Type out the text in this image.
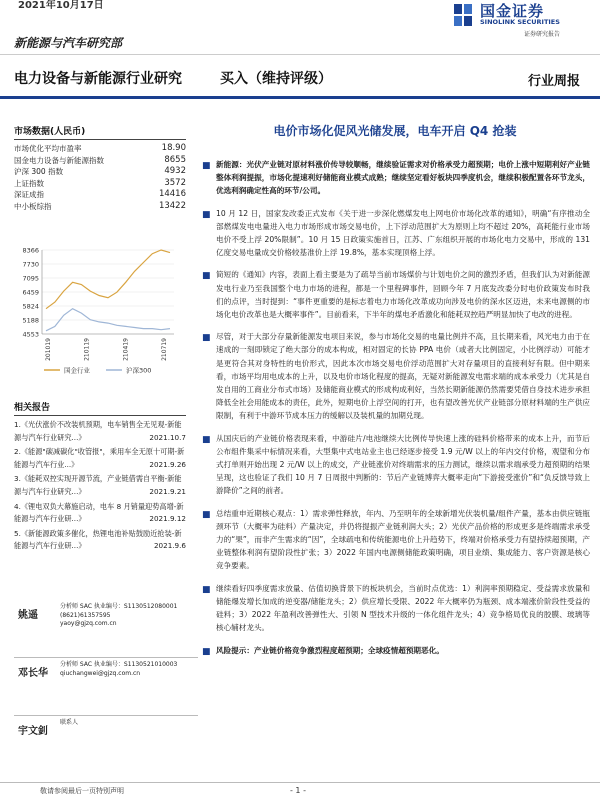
2021年10月17日
新能源与汽车研究部
国金证券
SINOLINK SECURITIES
证券研究报告
电力设备与新能源行业研究	买入（维持评级）	行业周报
市场数据(人民币)
市场优化平均市盈率	18.90
国金电力设备与新能源指数	8655
沪深 300 指数	4932
上证指数	3572
深证成指	14416
中小板综指	13422
8366
7730
7095
6459
5824
5188
4553
201019	210119	210419	210719
国金行业	沪深300
相关报告
1.《光伏涨价不改装机预期，电车销售全无见观-新能源与汽车行业研究...》	2021.10.7
2.《能源"碳减碳化"收管报"，乘用车全无原十可期-新能源与汽车行业...》	2021.9.26
3.《能耗双控实现开源节流，产业链借需自平衡-新能源与汽车行业研究...》	2021.9.21
4.《锂电双负大幕施启动，电车 8 月销量迎势高增-新能源与汽车行业研...》	2021.9.12
5.《新能源政策多催化，热锂电池补贴鼓励近抢装-新能源与汽车行业研...》	2021.9.6
姚遥
分析师 SAC 执业编号：S1130512080001
(8621)61357595
yaoy@gjzq.com.cn
邓长华
分析师 SAC 执业编号：S1130521010003
qiuchangwei@gjzq.com.cn
宇文釗
联系人
电价市场化促风光储发展，电车开启 Q4 抢装
■ 新能源：光伏产业链对原材料涨价传导较顺畅，继续验证需求对价格承受力超预期；电价上涨中短期利好产业链整体利润提振，市场化提速利好储能商业模式成熟；继续坚定看好板块四季度机会，继续积极配置各环节龙头，优选利润确定性高的环节/公司。
■ 10 月 12 日，国家发改委正式发布《关于进一步深化燃煤发电上网电价市场化改革的通知》，明确“有序推动全部燃煤发电电量进入电力市场形成市场交易电价，上下浮动范围扩大为原则上均不超过 20%，高耗能行业市场电价不受上浮 20%限制”。10 月 15 日政策实施首日，江苏、广东组织开展的市场化电力交易中，形成的 131 亿度交易电量成交价格较基准价上浮 19.8%，基本实现顶格上浮。
■ 简短的《通知》内容，表面上看主要是为了疏导当前市场煤价与计划电价之间的激烈矛盾，但我们认为对新能源发电行业乃至我国整个电力市场的进程，都是一个里程碑事件，回顾今年 7 月底发改委分时电价政策发布时我们的点评，当时提到：“事件更重要的是标志着电力市场化改革成功向涉及电价的深水区迈进，未来电源侧的市场化电价改革也是大概率事件”。目前看来，下半年的煤电矛盾激化和能耗双控趋严明显加快了电改的进程。
■ 尽管，对于大部分存量新能源发电项目来说，参与市场化交易的电量比例并不高，且长期来看，风光电力由于在速成的一刻即锁定了绝大部分的成本构成，相对固定的长协 PPA 电价（或者大比例固定，小比例浮动）可能才是更符合其对身特性的电价形式，因此本次市场交易电价浮动范围扩大对存量项目的直接利好有限。但中期来看，市场平均用电成本的上升，以及电价市场化程度的提高，无疑对新能源发电需求端的成本承受力（尤其是自发自用的工商业分布式市场）及储能商业模式的形成构成利好，当然长期新能源仍然需要凭借自身技术进步承担降低全社会用能成本的责任，此外，短期电价上浮空间的打开，也有望改善光伏产业链部分原材料端的生产供应限制，有利于中游环节成本压力的缓解以及装机量的加期兑现。
■ 从国庆后的产业链价格表现来看，中游硅片/电池继续大比例传导快速上涨的硅料价格带来的成本上升，而节后公布组件集采中标情况来看，大型集中式电站业主也已经逐步接受 1.9 元/W 以上的年内交付价格，观望和分布式打单则开始出现 2 元/W 以上的成交，产业链涨价对终端需求的压力测试，继续以需求端承受力超预期的结果呈现，这也验证了我们 10 月 7 日周报中判断的：节后产业链博弈大概率走向“下游接受涨价”和“负反馈导致上游降价”之间的前者。
■ 总结重申近期核心观点：1）需求弹性释放，年内、乃至明年的全球新增光伏装机量/组件产量，基本由供应链瓶颈环节（大概率为硅料）产量决定，并仍将提振产业链利润大头；2）光伏产品价格的形成更多是终端需求承受力的“果”，而非产生需求的“因”，全球疏电和传统能源电价上升趋势下，终端对价格承受力有望持续超预期，产业链整体利润有望阶段性扩张；3）2022 年国内电源侧储能政策明确，项目业绩、集成能力、客户资源是核心竞争要素。
■ 继续看好四季度需求放量、估值切换背景下的板块机会，当前时点优选：1）利润率预期稳定、受益需求放量和储能爆发增长加成的逆变器/储能龙头；2）供应增长受限、2022 年大概率仍为瓶颈、成本端涨价阶段性受益的硅料；3）2022 年盈利改善弹性大、引领 N 型技术升级的一体化组件龙头；4）竞争格局优良的胶膜、玻璃等核心辅材龙头。
■ 风险提示：产业链价格竞争激烈程度超预期；全球疫情超预期恶化。
敬请参阅最后一页特别声明	- 1 -
